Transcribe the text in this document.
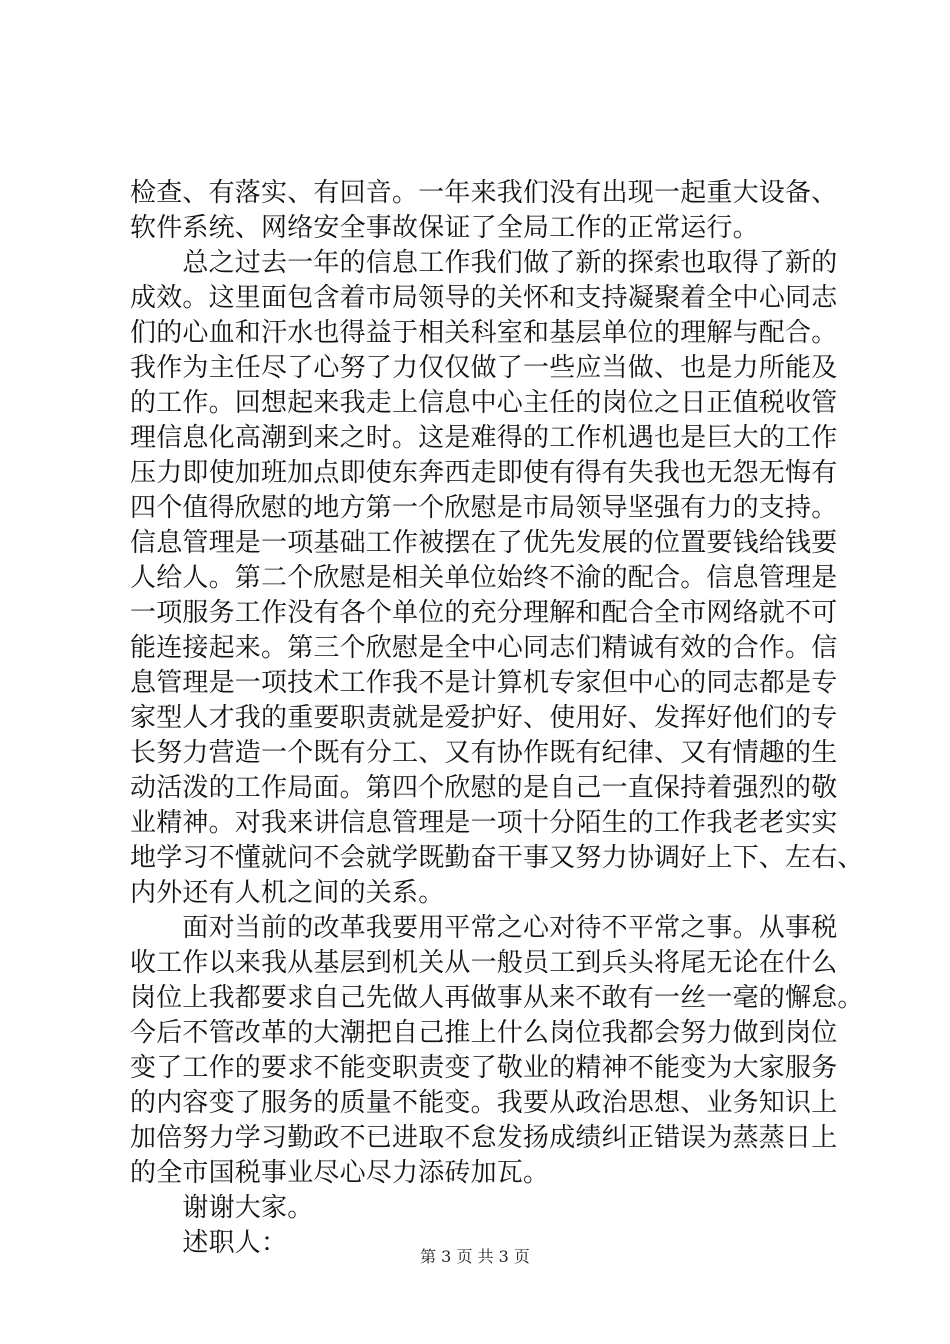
检查、有落实、有回音。一年来我们没有出现一起重大设备、
软件系统、网络安全事故保证了全局工作的正常运行。
　　总之过去一年的信息工作我们做了新的探索也取得了新的
成效。这里面包含着市局领导的关怀和支持凝聚着全中心同志
们的心血和汗水也得益于相关科室和基层单位的理解与配合。
我作为主任尽了心努了力仅仅做了一些应当做、也是力所能及
的工作。回想起来我走上信息中心主任的岗位之日正值税收管
理信息化高潮到来之时。这是难得的工作机遇也是巨大的工作
压力即使加班加点即使东奔西走即使有得有失我也无怨无悔有
四个值得欣慰的地方第一个欣慰是市局领导坚强有力的支持。
信息管理是一项基础工作被摆在了优先发展的位置要钱给钱要
人给人。第二个欣慰是相关单位始终不渝的配合。信息管理是
一项服务工作没有各个单位的充分理解和配合全市网络就不可
能连接起来。第三个欣慰是全中心同志们精诚有效的合作。信
息管理是一项技术工作我不是计算机专家但中心的同志都是专
家型人才我的重要职责就是爱护好、使用好、发挥好他们的专
长努力营造一个既有分工、又有协作既有纪律、又有情趣的生
动活泼的工作局面。第四个欣慰的是自己一直保持着强烈的敬
业精神。对我来讲信息管理是一项十分陌生的工作我老老实实
地学习不懂就问不会就学既勤奋干事又努力协调好上下、左右、
内外还有人机之间的关系。
　　面对当前的改革我要用平常之心对待不平常之事。从事税
收工作以来我从基层到机关从一般员工到兵头将尾无论在什么
岗位上我都要求自己先做人再做事从来不敢有一丝一毫的懈怠。
今后不管改革的大潮把自己推上什么岗位我都会努力做到岗位
变了工作的要求不能变职责变了敬业的精神不能变为大家服务
的内容变了服务的质量不能变。我要从政治思想、业务知识上
加倍努力学习勤政不已进取不怠发扬成绩纠正错误为蒸蒸日上
的全市国税事业尽心尽力添砖加瓦。
　　谢谢大家。
　　述职人：	第 3 页 共 3 页
